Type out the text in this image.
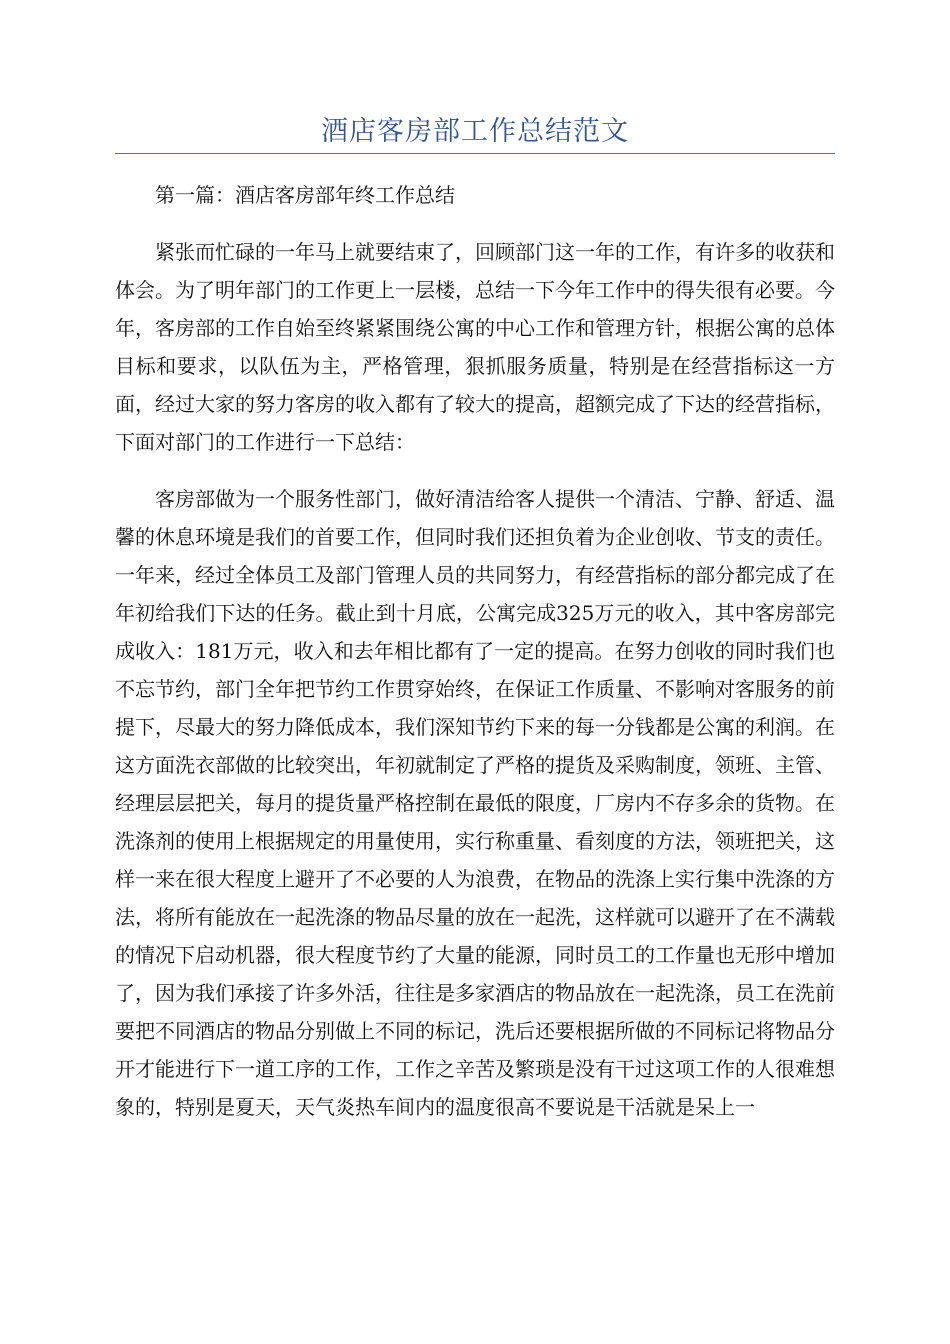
酒店客房部工作总结范文

第一篇：酒店客房部年终工作总结

紧张而忙碌的一年马上就要结束了，回顾部门这一年的工作，有许多的收获和体会。为了明年部门的工作更上一层楼，总结一下今年工作中的得失很有必要。今年，客房部的工作自始至终紧紧围绕公寓的中心工作和管理方针，根据公寓的总体目标和要求，以队伍为主，严格管理，狠抓服务质量，特别是在经营指标这一方面，经过大家的努力客房的收入都有了较大的提高，超额完成了下达的经营指标，下面对部门的工作进行一下总结：

客房部做为一个服务性部门，做好清洁给客人提供一个清洁、宁静、舒适、温馨的休息环境是我们的首要工作，但同时我们还担负着为企业创收、节支的责任。一年来，经过全体员工及部门管理人员的共同努力，有经营指标的部分都完成了在年初给我们下达的任务。截止到十月底，公寓完成325万元的收入，其中客房部完成收入：181万元，收入和去年相比都有了一定的提高。在努力创收的同时我们也不忘节约，部门全年把节约工作贯穿始终，在保证工作质量、不影响对客服务的前提下，尽最大的努力降低成本，我们深知节约下来的每一分钱都是公寓的利润。在这方面洗衣部做的比较突出，年初就制定了严格的提货及采购制度，领班、主管、经理层层把关，每月的提货量严格控制在最低的限度，厂房内不存多余的货物。在洗涤剂的使用上根据规定的用量使用，实行称重量、看刻度的方法，领班把关，这样一来在很大程度上避开了不必要的人为浪费，在物品的洗涤上实行集中洗涤的方法，将所有能放在一起洗涤的物品尽量的放在一起洗，这样就可以避开了在不满载的情况下启动机器，很大程度节约了大量的能源，同时员工的工作量也无形中增加了，因为我们承接了许多外活，往往是多家酒店的物品放在一起洗涤，员工在洗前要把不同酒店的物品分别做上不同的标记，洗后还要根据所做的不同标记将物品分开才能进行下一道工序的工作，工作之辛苦及繁琐是没有干过这项工作的人很难想象的，特别是夏天，天气炎热车间内的温度很高不要说是干活就是呆上一
